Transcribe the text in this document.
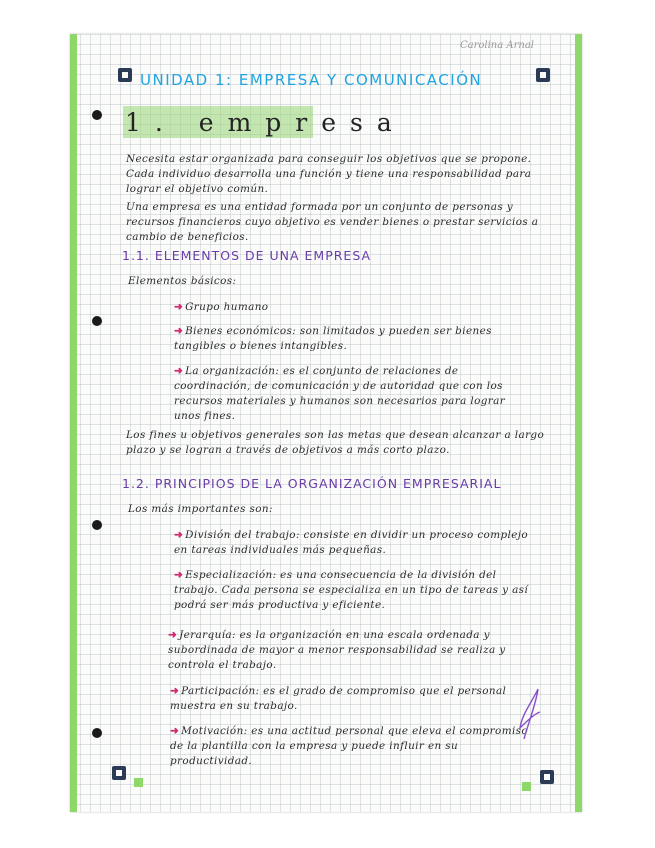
Carolina Arnal
UNIDAD 1: EMPRESA Y COMUNICACIÓN
1. empresa
Necesita estar organizada para conseguir los objetivos que se propone. Cada individuo desarrolla una función y tiene una responsabilidad para lograr el objetivo común.
Una empresa es una entidad formada por un conjunto de personas y recursos financieros cuyo objetivo es vender bienes o prestar servicios a cambio de beneficios.
1.1. ELEMENTOS DE UNA EMPRESA
Elementos básicos:
➜ Grupo humano
➜ Bienes económicos: son limitados y pueden ser bienes tangibles o bienes intangibles.
➜ La organización: es el conjunto de relaciones de coordinación, de comunicación y de autoridad que con los recursos materiales y humanos son necesarios para lograr unos fines.
Los fines u objetivos generales son las metas que desean alcanzar a largo plazo y se logran a través de objetivos a más corto plazo.
1.2. PRINCIPIOS DE LA ORGANIZACIÓN EMPRESARIAL
Los más importantes son:
➜ División del trabajo: consiste en dividir un proceso complejo en tareas individuales más pequeñas.
➜ Especialización: es una consecuencia de la división del trabajo. Cada persona se especializa en un tipo de tareas y así podrá ser más productiva y eficiente.
➜ Jerarquía: es la organización en una escala ordenada y subordinada de mayor a menor responsabilidad se realiza y controla el trabajo.
➜ Participación: es el grado de compromiso que el personal muestra en su trabajo.
➜ Motivación: es una actitud personal que eleva el compromiso de la plantilla con la empresa y puede influir en su productividad.
